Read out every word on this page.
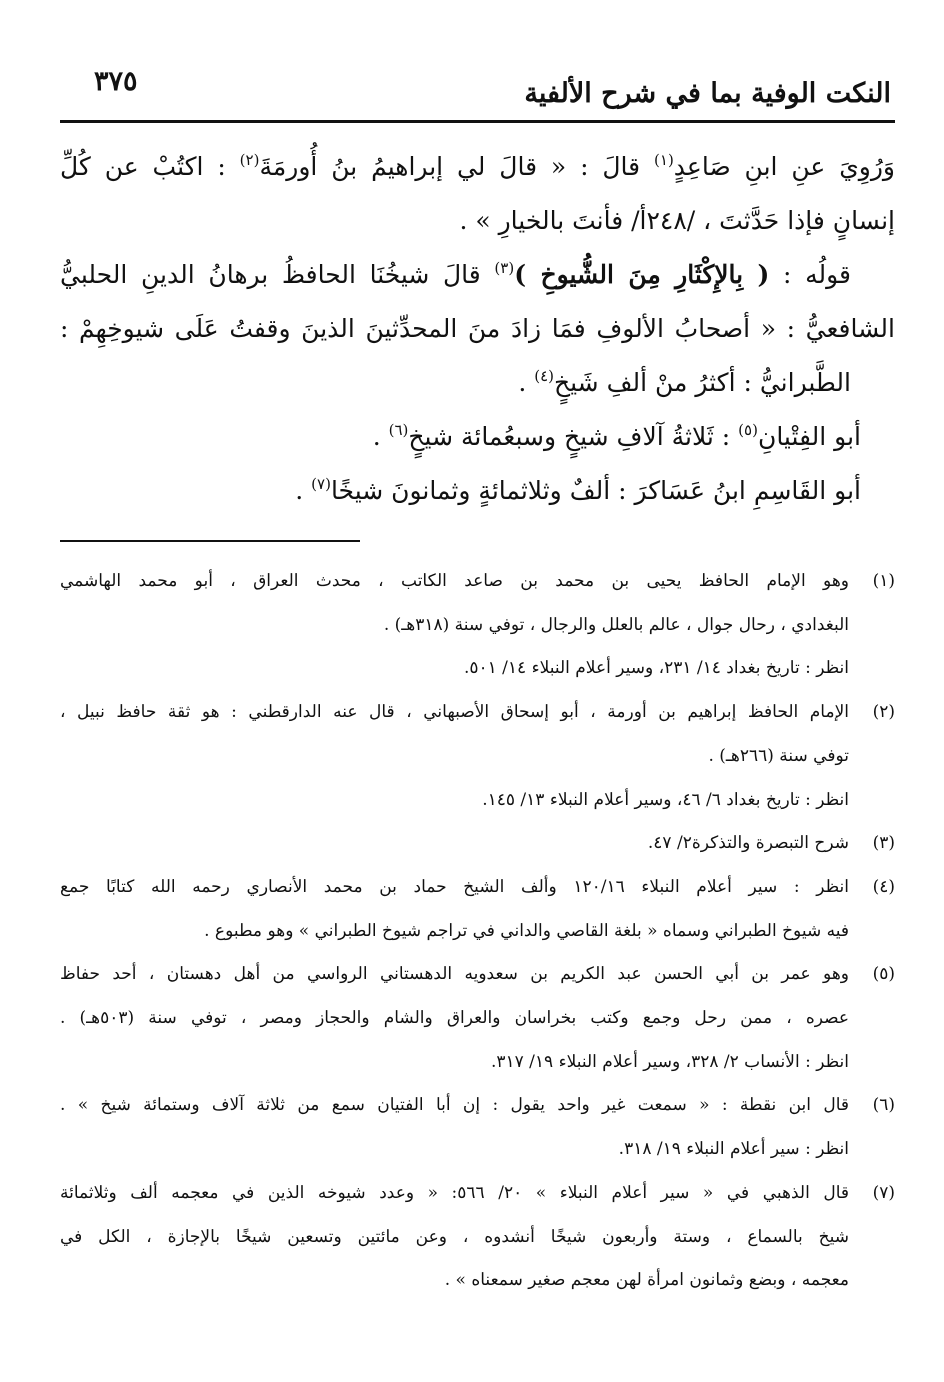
النكت الوفية بما في شرح الألفية
٣٧٥

وَرُوِيَ عنِ ابنِ صَاعِدٍ$^{(١)}$ قالَ : « قالَ لي إبراهيمُ بنُ أُورمَةَ$^{(٢)}$ : اكتُبْ عن كُلِّ

إنسانٍ فإذا حَدَّثتَ ، /٢٤٨أ/ فأنتَ بالخيارِ » .

قولُه : ( بِالإِكْثَارِ مِنَ الشُّيوخِ )$^{(٣)}$ قالَ شيخُنَا الحافظُ برهانُ الدينِ الحلبيُّ

الشافعيُّ : « أصحابُ الألوفِ فمَا زادَ منَ المحدِّثينَ الذينَ وقفتُ عَلَى شيوخِهِمْ :

الطَّبرانيُّ : أكثرُ منْ ألفِ شَيخٍ$^{(٤)}$ .

أبو الفِتْيانِ$^{(٥)}$ : ثَلاثةُ آلافِ شيخٍ وسبعُمائة شيخٍ$^{(٦)}$ .

أبو القَاسِمِ ابنُ عَسَاكرَ : ألفٌ وثلاثمائةٍ وثمانونَ شيخًا$^{(٧)}$ .

(١)وهو الإمام الحافظ يحيى بن محمد بن صاعد الكاتب ، محدث العراق ، أبو محمد الهاشمي
البغدادي ، رحال جوال ، عالم بالعلل والرجال ، توفي سنة (٣١٨هـ) .
انظر : تاريخ بغداد ١٤/ ٢٣١، وسير أعلام النبلاء ١٤/ ٥٠١.
(٢)الإمام الحافظ إبراهيم بن أورمة ، أبو إسحاق الأصبهاني ، قال عنه الدارقطني : هو ثقة حافظ نبيل ،
توفي سنة (٢٦٦هـ) .
انظر : تاريخ بغداد ٦/ ٤٦، وسير أعلام النبلاء ١٣/ ١٤٥.
(٣)شرح التبصرة والتذكرة٢/ ٤٧.
(٤)انظر : سير أعلام النبلاء ١٢٠/١٦ وألف الشيخ حماد بن محمد الأنصاري رحمه الله كتابًا جمع
فيه شيوخ الطبراني وسماه « بلغة القاصي والداني في تراجم شيوخ الطبراني » وهو مطبوع .
(٥)وهو عمر بن أبي الحسن عبد الكريم بن سعدويه الدهستاني الرواسي من أهل دهستان ، أحد حفاظ
عصره ، ممن رحل وجمع وكتب بخراسان والعراق والشام والحجاز ومصر ، توفي سنة (٥٠٣هـ) .
انظر : الأنساب ٢/ ٣٢٨، وسير أعلام النبلاء ١٩/ ٣١٧.
(٦)قال ابن نقطة : « سمعت غير واحد يقول : إن أبا الفتيان سمع من ثلاثة آلاف وستمائة شيخ » .
انظر : سير أعلام النبلاء ١٩/ ٣١٨.
(٧)قال الذهبي في « سير أعلام النبلاء » ٢٠/ ٥٦٦: « وعدد شيوخه الذين في معجمه ألف وثلاثمائة
شيخ بالسماع ، وستة وأربعون شيخًا أنشدوه ، وعن مائتين وتسعين شيخًا بالإجازة ، الكل في
معجمه ، وبضع وثمانون امرأة لهن معجم صغير سمعناه » .
